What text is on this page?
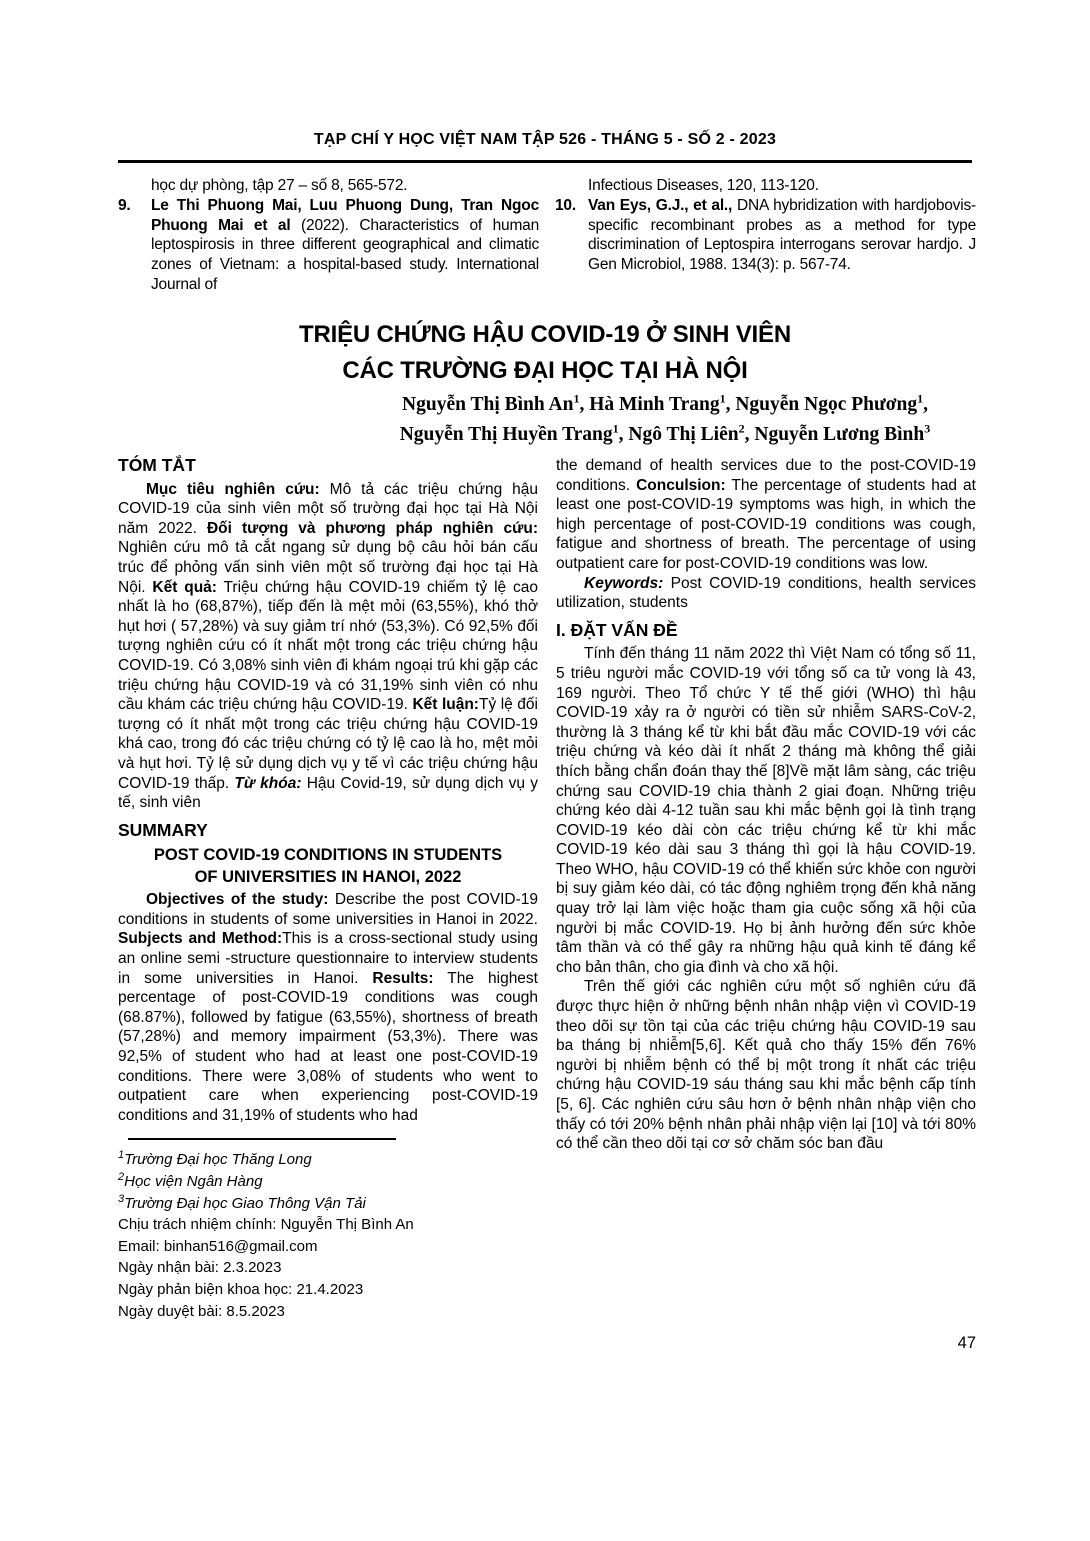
TẠP CHÍ Y HỌC VIỆT NAM TẬP 526 - THÁNG 5 - SỐ 2 - 2023

học dự phòng, tập 27 – số 8, 565-572.

9.	Le Thi Phuong Mai, Luu Phuong Dung, Tran Ngoc Phuong Mai et al (2022). Characteristics of human leptospirosis in three different geographical and climatic zones of Vietnam: a hospital-based study. International Journal of

Infectious Diseases, 120, 113-120.

10. Van Eys, G.J., et al., DNA hybridization with hardjobovis-specific recombinant probes as a method for type discrimination of Leptospira interrogans serovar hardjo. J Gen Microbiol, 1988. 134(3): p. 567-74.
TRIỆU CHỨNG HẬU COVID-19 Ở SINH VIÊN
CÁC TRƯỜNG ĐẠI HỌC TẠI HÀ NỘI
Nguyễn Thị Bình An$^1$, Hà Minh Trang$^1$, Nguyễn Ngọc Phương$^1$,
Nguyễn Thị Huyền Trang$^1$, Ngô Thị Liên$^2$, Nguyễn Lương Bình$^3$
TÓM TẮT

Mục tiêu nghiên cứu: Mô tả các triệu chứng hậu COVID-19 của sinh viên một số trường đại học tại Hà Nội năm 2022. Đối tượng và phương pháp nghiên cứu: Nghiên cứu mô tả cắt ngang sử dụng bộ câu hỏi bán cấu trúc để phỏng vấn sinh viên một số trường đại học tại Hà Nội. Kết quả: Triệu chứng hậu COVID-19 chiếm tỷ lệ cao nhất là ho (68,87%), tiếp đến là mệt mỏi (63,55%), khó thở hụt hơi ( 57,28%) và suy giảm trí nhớ (53,3%). Có 92,5% đối tượng nghiên cứu có ít nhất một trong các triệu chứng hậu COVID-19. Có 3,08% sinh viên đi khám ngoại trú khi gặp các triệu chứng hậu COVID-19 và có 31,19% sinh viên có nhu cầu khám các triệu chứng hậu COVID-19. Kết luận:Tỷ lệ đối tượng có ít nhất một trong các triệu chứng hậu COVID-19 khá cao, trong đó các triệu chứng có tỷ lệ cao là ho, mệt mỏi và hụt hơi. Tỷ lệ sử dụng dịch vụ y tế vì các triệu chứng hậu COVID-19 thấp. Từ khóa: Hậu Covid-19, sử dụng dịch vụ y tế, sinh viên

SUMMARY
POST COVID-19 CONDITIONS IN STUDENTS
OF UNIVERSITIES IN HANOI, 2022

Objectives of the study: Describe the post COVID-19 conditions in students of some universities in Hanoi in 2022. Subjects and Method:This is a cross-sectional study using an online semi -structure questionnaire to interview students in some universities in Hanoi. Results: The highest percentage of post-COVID-19 conditions was cough (68.87%), followed by fatigue (63,55%), shortness of breath (57,28%) and memory impairment (53,3%). There was 92,5% of student who had at least one post-COVID-19 conditions. There were 3,08% of students who went to outpatient care when experiencing post-COVID-19 conditions and 31,19% of students who had

$^1$Trường Đại học Thăng Long

$^2$Học viện Ngân Hàng

$^3$Trường Đại học Giao Thông Vận Tải

Chịu trách nhiệm chính: Nguyễn Thị Bình An

Email: binhan516@gmail.com

Ngày nhận bài: 2.3.2023

Ngày phản biện khoa học: 21.4.2023

Ngày duyệt bài: 8.5.2023

the demand of health services due to the post-COVID-19 conditions. Conculsion: The percentage of students had at least one post-COVID-19 symptoms was high, in which the high percentage of post-COVID-19 conditions was cough, fatigue and shortness of breath. The percentage of using outpatient care for post-COVID-19 conditions was low.

Keywords: Post COVID-19 conditions, health services utilization, students

I. ĐẶT VẤN ĐỀ

Tính đến tháng 11 năm 2022 thì Việt Nam có tổng số 11, 5 triêu người mắc COVID-19 với tổng số ca tử vong là 43, 169 người. Theo Tổ chức Y tế thế giới (WHO) thì hậu COVID-19 xảy ra ở người có tiền sử nhiễm SARS-CoV-2, thường là 3 tháng kể từ khi bắt đầu mắc COVID-19 với các triệu chứng và kéo dài ít nhất 2 tháng mà không thể giải thích bằng chẩn đoán thay thế [8]Về mặt lâm sàng, các triệu chứng sau COVID-19 chia thành 2 giai đoạn. Những triệu chứng kéo dài 4-12 tuần sau khi mắc bệnh gọi là tình trạng COVID-19 kéo dài còn các triệu chứng kể từ khi mắc COVID-19 kéo dài sau 3 tháng thì gọi là hậu COVID-19. Theo WHO, hậu COVID-19 có thể khiến sức khỏe con người bị suy giảm kéo dài, có tác động nghiêm trọng đến khả năng quay trở lại làm việc hoặc tham gia cuộc sống xã hội của người bị mắc COVID-19. Họ bị ảnh hưởng đến sức khỏe tâm thần và có thể gây ra những hậu quả kinh tế đáng kể cho bản thân, cho gia đình và cho xã hội.

Trên thế giới các nghiên cứu một số nghiên cứu đã được thực hiện ở những bệnh nhân nhập viện vì COVID-19 theo dõi sự tồn tại của các triệu chứng hậu COVID-19 sau ba tháng bị nhiễm[5,6]. Kết quả cho thấy 15% đến 76% người bị nhiễm bệnh có thể bị một trong ít nhất các triệu chứng hậu COVID-19 sáu tháng sau khi mắc bệnh cấp tính [5, 6]. Các nghiên cứu sâu hơn ở bệnh nhân nhập viện cho thấy có tới 20% bệnh nhân phải nhập viện lại [10] và tới 80% có thể cần theo dõi tại cơ sở chăm sóc ban đầu

47
